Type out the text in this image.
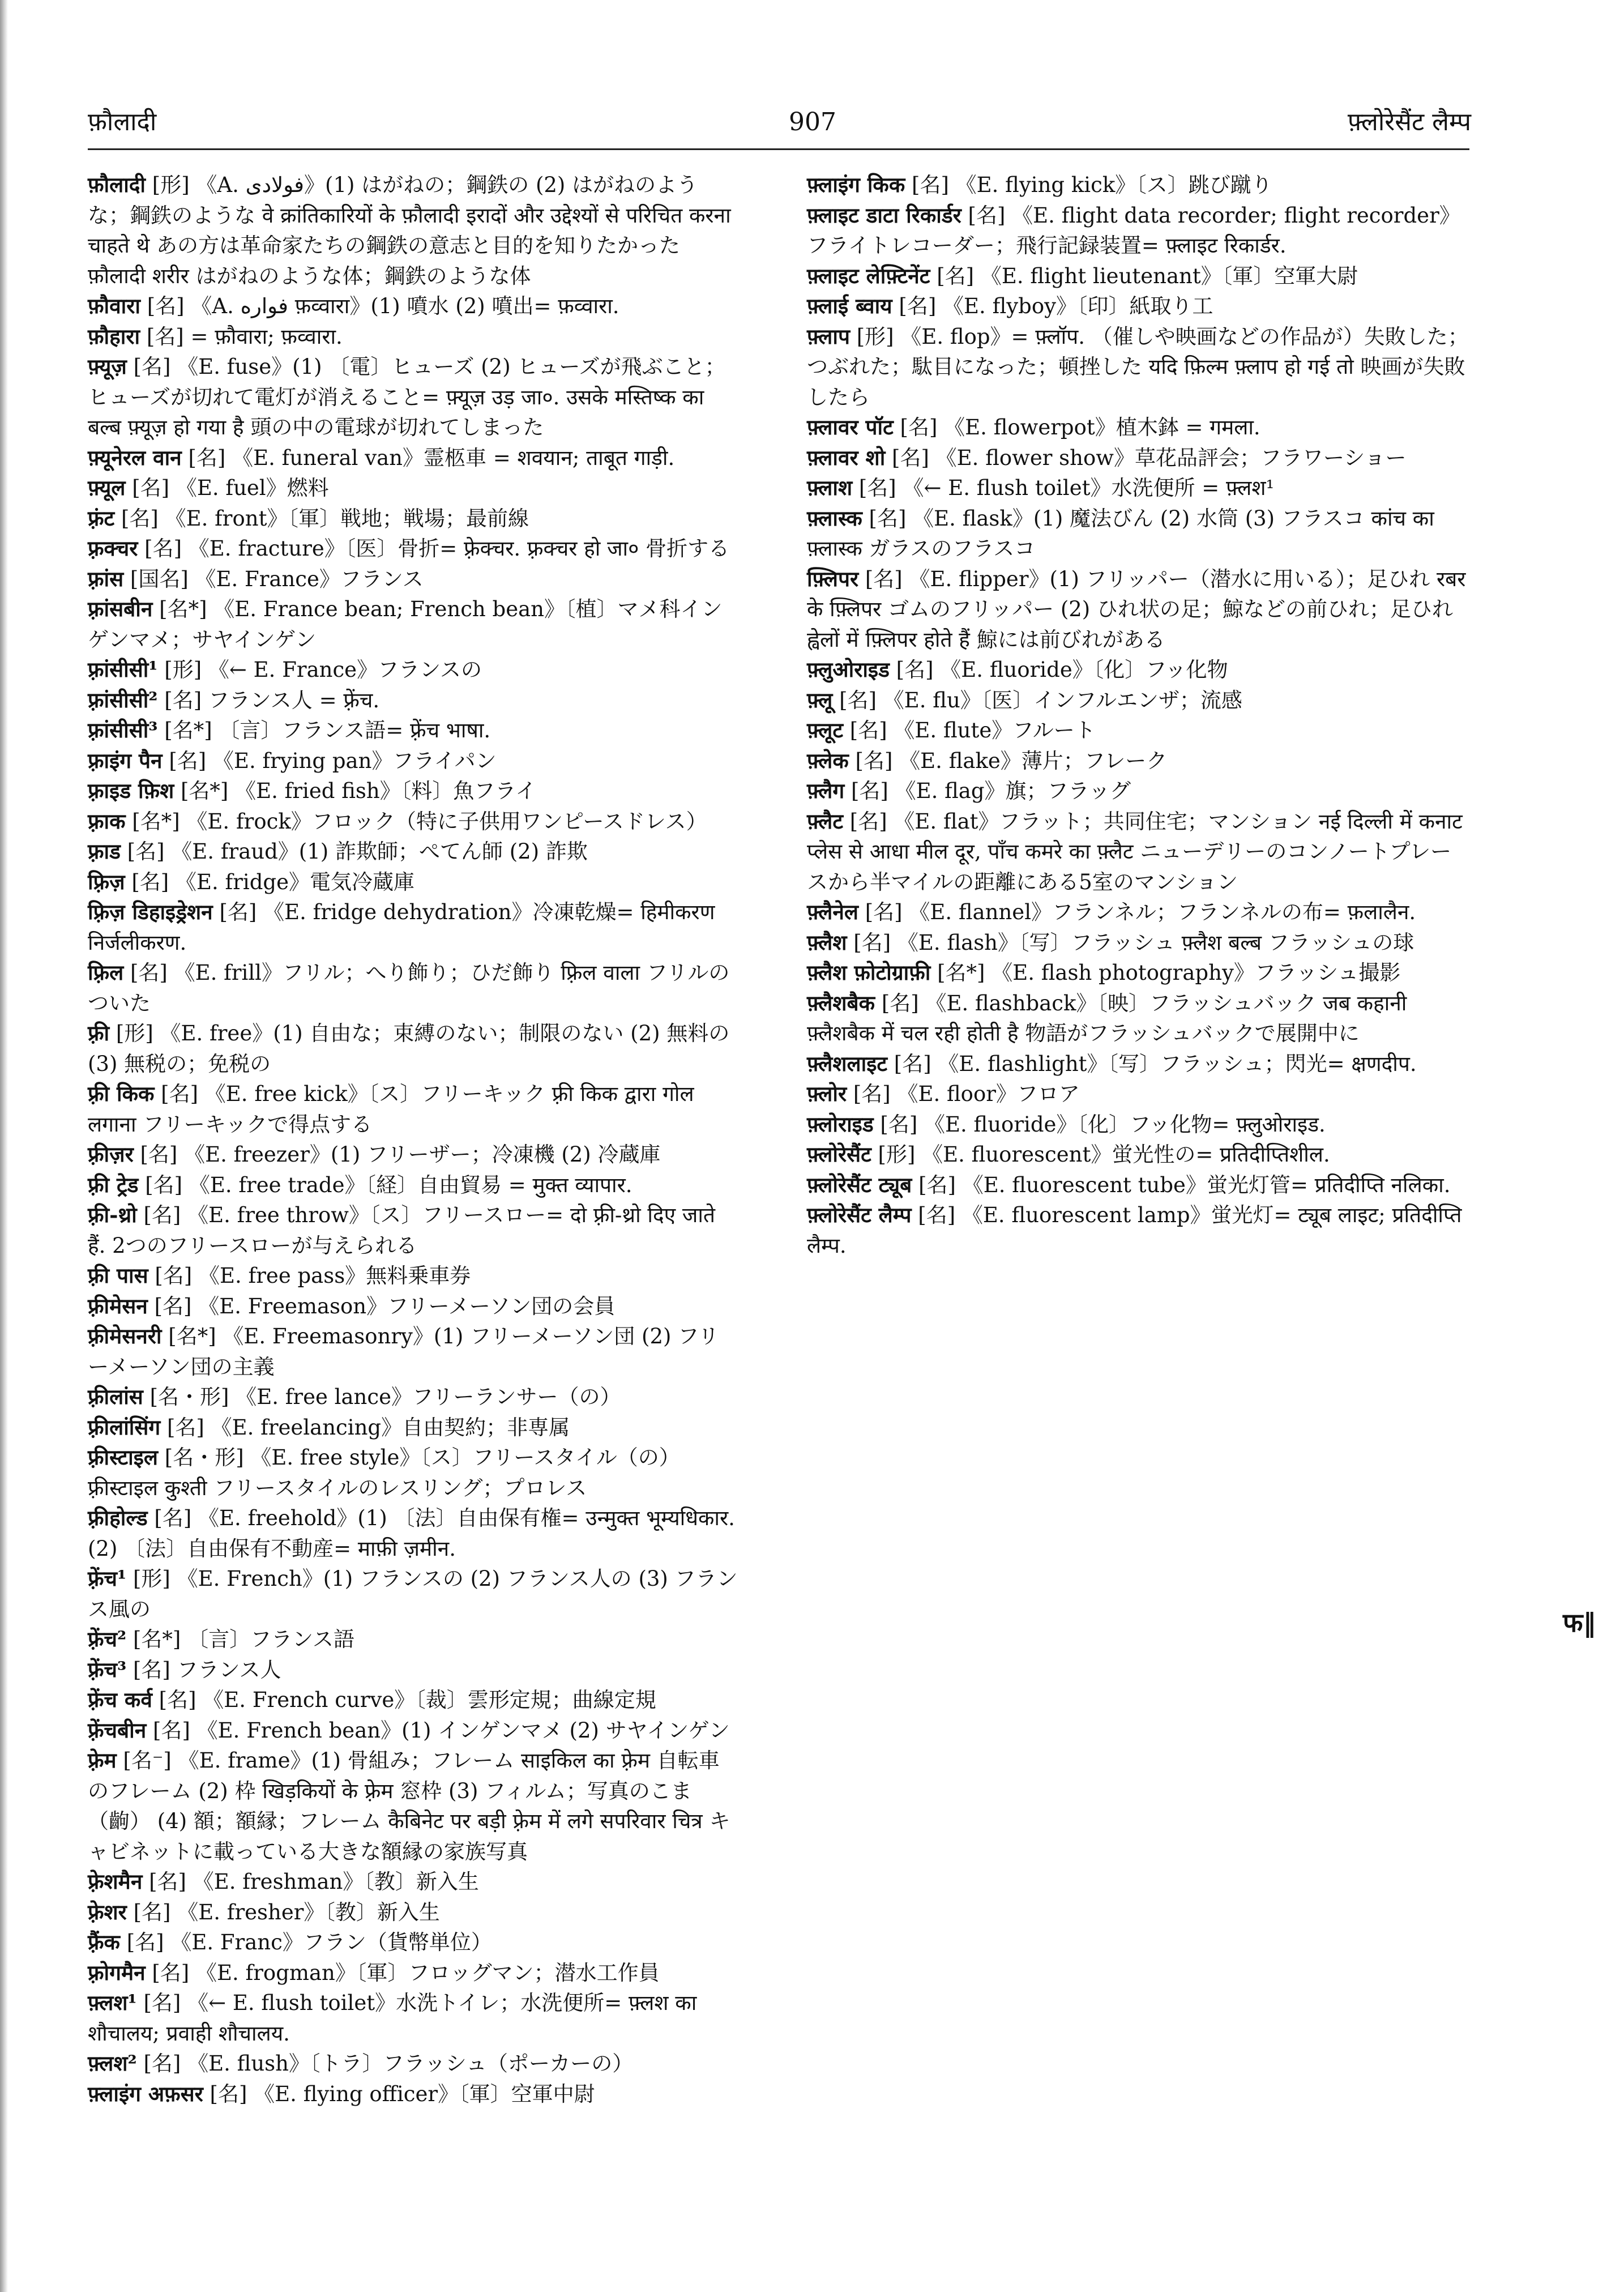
फ़ौलादी	907	फ़्लोरेसैंट लैम्प
फ़ौलादी [形] 《A. فولادی》(1) はがねの；鋼鉄の (2) はがねのような；鋼鉄のような वे क्रांतिकारियों के फ़ौलादी इरादों और उद्देश्यों से परिचित करना चाहते थे あの方は革命家たちの鋼鉄の意志と目的を知りたかった फ़ौलादी शरीर はがねのような体；鋼鉄のような体
फ़ौवारा [名] 《A. فواره फ़व्वारा》(1) 噴水 (2) 噴出= फ़व्वारा.
फ़ौहारा [名] = फ़ौवारा; फ़व्वारा.
फ़्यूज़ [名] 《E. fuse》(1) 〔電〕ヒューズ (2) ヒューズが飛ぶこと；ヒューズが切れて電灯が消えること= फ़्यूज़ उड़ जा०. उसके मस्तिष्क का बल्ब फ़्यूज़ हो गया है 頭の中の電球が切れてしまった
फ़्यूनेरल वान [名] 《E. funeral van》霊柩車 = शवयान; ताबूत गाड़ी.
फ़्यूल [名] 《E. fuel》燃料
फ़्रंट [名] 《E. front》〔軍〕戦地；戦場；最前線
फ़्रक्चर [名] 《E. fracture》〔医〕骨折= फ़्रेक्चर. फ़्रक्चर हो जा० 骨折する
फ़्रांस [国名] 《E. France》フランス
फ़्रांसबीन [名*] 《E. France bean; French bean》〔植〕マメ科インゲンマメ；サヤインゲン
फ़्रांसीसी¹ [形] 《← E. France》フランスの
फ़्रांसीसी² [名] フランス人 = फ़्रेंच.
फ़्रांसीसी³ [名*] 〔言〕フランス語= फ़्रेंच भाषा.
फ़्राइंग पैन [名] 《E. frying pan》フライパン
फ़्राइड फ़िश [名*] 《E. fried fish》〔料〕魚フライ
फ़्राक [名*] 《E. frock》フロック（特に子供用ワンピースドレス）
फ़्राड [名] 《E. fraud》(1) 詐欺師；ぺてん師 (2) 詐欺
फ़्रिज़ [名] 《E. fridge》電気冷蔵庫
फ़्रिज़ डिहाइड्रेशन [名] 《E. fridge dehydration》冷凍乾燥= हिमीकरण निर्जलीकरण.
फ़्रिल [名] 《E. frill》フリル；へり飾り；ひだ飾り फ़्रिल वाला フリルのついた
फ़्री [形] 《E. free》(1) 自由な；束縛のない；制限のない (2) 無料の (3) 無税の；免税の
फ़्री किक [名] 《E. free kick》〔ス〕フリーキック फ़्री किक द्वारा गोल लगाना フリーキックで得点する
फ़्रीज़र [名] 《E. freezer》(1) フリーザー；冷凍機 (2) 冷蔵庫
फ़्री ट्रेड [名] 《E. free trade》〔経〕自由貿易 = मुक्त व्यापार.
फ़्री-थ्रो [名] 《E. free throw》〔ス〕フリースロー= दो फ़्री-थ्रो दिए जाते हैं. 2つのフリースローが与えられる
फ़्री पास [名] 《E. free pass》無料乗車券
फ़्रीमेसन [名] 《E. Freemason》フリーメーソン団の会員
फ़्रीमेसनरी [名*] 《E. Freemasonry》(1) フリーメーソン団 (2) フリーメーソン団の主義
फ़्रीलांस [名・形] 《E. free lance》フリーランサー（の）
फ़्रीलांसिंग [名] 《E. freelancing》自由契約；非専属
फ़्रीस्टाइल [名・形] 《E. free style》〔ス〕フリースタイル（の） फ़्रीस्टाइल कुश्ती フリースタイルのレスリング；プロレス
फ़्रीहोल्ड [名] 《E. freehold》(1) 〔法〕自由保有権= उन्मुक्त भूम्यधिकार. (2) 〔法〕自由保有不動産= माफ़ी ज़मीन.
फ़्रेंच¹ [形] 《E. French》(1) フランスの (2) フランス人の (3) フランス風の
फ़्रेंच² [名*] 〔言〕フランス語
फ़्रेंच³ [名] フランス人
फ़्रेंच कर्व [名] 《E. French curve》〔裁〕雲形定規；曲線定規
फ़्रेंचबीन [名] 《E. French bean》(1) インゲンマメ (2) サヤインゲン
फ़्रेम [名⁻] 《E. frame》(1) 骨組み；フレーム साइकिल का फ़्रेम 自転車のフレーム (2) 枠 खिड़कियों के फ़्रेम 窓枠 (3) フィルム；写真のこま（齣） (4) 額；額縁；フレーム कैबिनेट पर बड़ी फ़्रेम में लगे सपरिवार चित्र キャビネットに載っている大きな額縁の家族写真
फ़्रेशमैन [名] 《E. freshman》〔教〕新入生
फ़्रेशर [名] 《E. fresher》〔教〕新入生
फ़्रैंक [名] 《E. Franc》フラン（貨幣単位）
फ़्रोगमैन [名] 《E. frogman》〔軍〕フロッグマン；潜水工作員
फ़्लश¹ [名] 《← E. flush toilet》水洗トイレ；水洗便所= फ़्लश का शौचालय; प्रवाही शौचालय.
फ़्लश² [名] 《E. flush》〔トラ〕フラッシュ（ポーカーの）
फ़्लाइंग अफ़सर [名] 《E. flying officer》〔軍〕空軍中尉
फ़्लाइंग किक [名] 《E. flying kick》〔ス〕跳び蹴り
फ़्लाइट डाटा रिकार्डर [名] 《E. flight data recorder; flight recorder》フライトレコーダー；飛行記録装置= फ़्लाइट रिकार्डर.
फ़्लाइट लेफ़्टिनेंट [名] 《E. flight lieutenant》〔軍〕空軍大尉
फ़्लाई ब्वाय [名] 《E. flyboy》〔印〕紙取り工
फ़्लाप [形] 《E. flop》= फ़्लॉप. （催しや映画などの作品が）失敗した；つぶれた；駄目になった；頓挫した यदि फ़िल्म फ़्लाप हो गई तो 映画が失敗したら
फ़्लावर पॉट [名] 《E. flowerpot》植木鉢 = गमला.
फ़्लावर शो [名] 《E. flower show》草花品評会；フラワーショー
फ़्लाश [名] 《← E. flush toilet》水洗便所 = फ़्लश¹
फ़्लास्क [名] 《E. flask》(1) 魔法びん (2) 水筒 (3) フラスコ कांच का फ़्लास्क ガラスのフラスコ
फ़्लिपर [名] 《E. flipper》(1) フリッパー（潜水に用いる）；足ひれ रबर के फ़्लिपर ゴムのフリッパー (2) ひれ状の足；鯨などの前ひれ；足ひれ ह्वेलों में फ़्लिपर होते हैं 鯨には前びれがある
फ़्लुओराइड [名] 《E. fluoride》〔化〕フッ化物
फ़्लू [名] 《E. flu》〔医〕インフルエンザ；流感
फ़्लूट [名] 《E. flute》フルート
फ़्लेक [名] 《E. flake》薄片；フレーク
फ़्लैग [名] 《E. flag》旗；フラッグ
फ़्लैट [名] 《E. flat》フラット；共同住宅；マンション नई दिल्ली में कनाट प्लेस से आधा मील दूर, पाँच कमरे का फ़्लैट ニューデリーのコンノートプレースから半マイルの距離にある5室のマンション
फ़्लैनेल [名] 《E. flannel》フランネル；フランネルの布= फ़लालैन.
फ़्लैश [名] 《E. flash》〔写〕フラッシュ फ़्लैश बल्ब フラッシュの球
फ़्लैश फ़ोटोग्राफ़ी [名*] 《E. flash photography》フラッシュ撮影
फ़्लैशबैक [名] 《E. flashback》〔映〕フラッシュバック जब कहानी फ़्लैशबैक में चल रही होती है 物語がフラッシュバックで展開中に
फ़्लैशलाइट [名] 《E. flashlight》〔写〕フラッシュ；閃光= क्षणदीप.
फ़्लोर [名] 《E. floor》フロア
फ़्लोराइड [名] 《E. fluoride》〔化〕フッ化物= फ़्लुओराइड.
फ़्लोरेसैंट [形] 《E. fluorescent》蛍光性の= प्रतिदीप्तिशील.
फ़्लोरेसैंट ट्यूब [名] 《E. fluorescent tube》蛍光灯管= प्रतिदीप्ति नलिका.
फ़्लोरेसैंट लैम्प [名] 《E. fluorescent lamp》蛍光灯= ट्यूब लाइट; प्रतिदीप्ति लैम्प.
फ‖
